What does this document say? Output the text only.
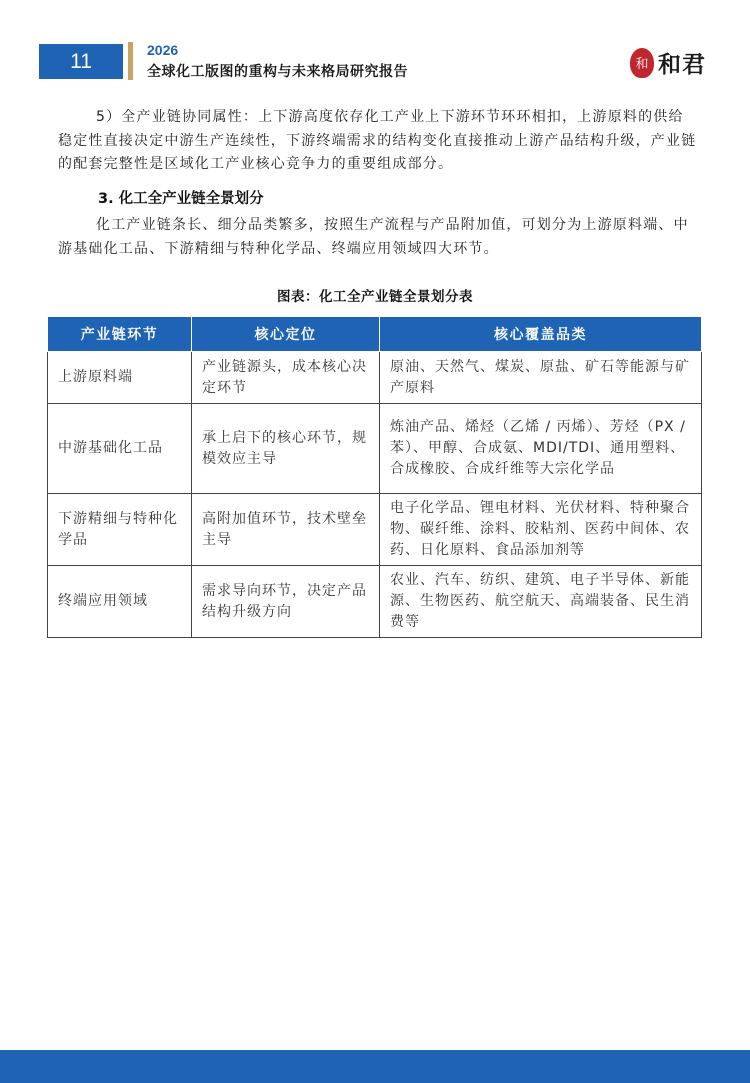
11	2026
全球化工版图的重构与未来格局研究报告	和 和君
5）全产业链协同属性：上下游高度依存化工产业上下游环节环环相扣，上游原料的供给稳定性直接决定中游生产连续性，下游终端需求的结构变化直接推动上游产品结构升级，产业链的配套完整性是区域化工产业核心竞争力的重要组成部分。
3. 化工全产业链全景划分
化工产业链条长、细分品类繁多，按照生产流程与产品附加值，可划分为上游原料端、中游基础化工品、下游精细与特种化学品、终端应用领域四大环节。
图表：化工全产业链全景划分表
产业链环节	核心定位	核心覆盖品类
上游原料端	产业链源头，成本核心决定环节	原油、天然气、煤炭、原盐、矿石等能源与矿产原料
中游基础化工品	承上启下的核心环节，规模效应主导	炼油产品、烯烃（乙烯 / 丙烯）、芳烃（PX / 苯）、甲醇、合成氨、MDI/TDI、通用塑料、合成橡胶、合成纤维等大宗化学品
下游精细与特种化学品	高附加值环节，技术壁垒主导	电子化学品、锂电材料、光伏材料、特种聚合物、碳纤维、涂料、胶粘剂、医药中间体、农药、日化原料、食品添加剂等
终端应用领域	需求导向环节，决定产品结构升级方向	农业、汽车、纺织、建筑、电子半导体、新能源、生物医药、航空航天、高端装备、民生消费等
